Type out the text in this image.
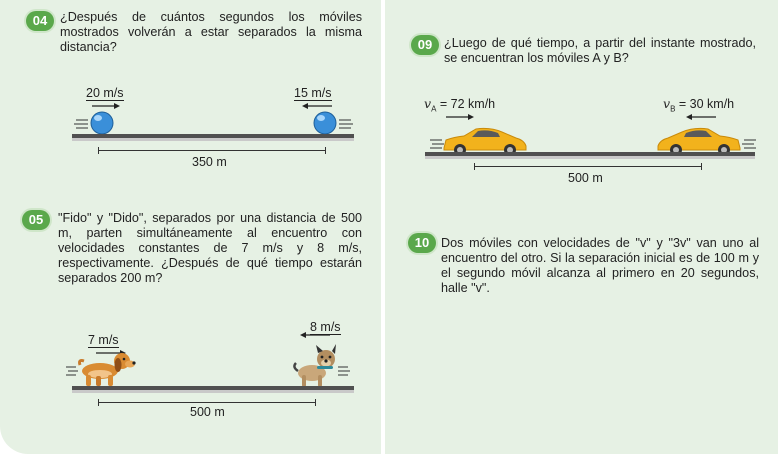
04	¿Después de cuántos segundos los móviles mostrados volverán a estar separados la misma distancia?
20 m/s	15 m/s
350 m
05	"Fido" y "Dido", separados por una distancia de 500 m, parten simultáneamente al encuentro con velocidades constantes de 7 m/s y 8 m/s, respectivamente. ¿Después de qué tiempo estarán separados 200 m?
7 m/s
8 m/s
500 m
09 ¿Luego de qué tiempo, a partir del instante mostrado, se encuentran los móviles A y B?
$v_A = 72$ km/h	$v_B = 30$ km/h
500 m
10 Dos móviles con velocidades de "v" y "3v" van uno al encuentro del otro. Si la separación inicial es de 100 m y el segundo móvil alcanza al primero en 20 segundos, halle "v".
